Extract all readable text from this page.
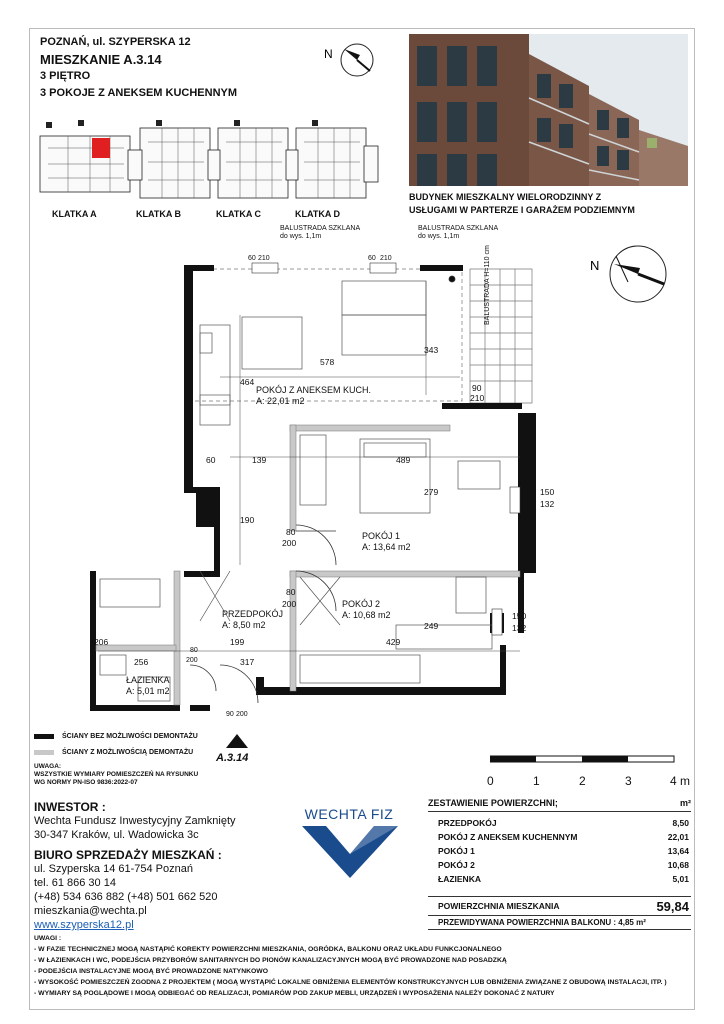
POZNAŃ, ul. SZYPERSKA 12
MIESZKANIE A.3.14
3 PIĘTRO
3 POKOJE Z ANEKSEM KUCHENNYM
N
KLATKA A	KLATKA B	KLATKA C	KLATKA D
BUDYNEK MIESZKALNY WIELORODZINNY Z
USŁUGAMI W PARTERZE I GARAŻEM PODZIEMNYM
N
BALUSTRADA SZKLANA
do wys. 1,1m
BALUSTRADA SZKLANA
do wys. 1,1m
BALUSTRADA H=110 cm
60 210	60 210
578
343
464
90
210
60	139	489
279	150
132
190
80
200
80
200
249
150
132
206	199	429
256	317
80
200
90 200
POKÓJ Z ANEKSEM KUCH.
A: 22,01 m2
POKÓJ 1
A: 13,64 m2
POKÓJ 2
A: 10,68 m2
PRZEDPOKÓJ
A: 8,50 m2
ŁAZIENKA
A: 5,01 m2
A.3.14
ŚCIANY BEZ MOŻLIWOŚCI DEMONTAŻU
ŚCIANY Z MOŻLIWOŚCIĄ DEMONTAŻU
UWAGA:
WSZYSTKIE WYMIARY POMIESZCZEŃ NA RYSUNKU
WG NORMY PN-ISO 9836:2022-07	0	1	2	3	4 m
INWESTOR :
Wechta Fundusz Inwestycyjny Zamknięty
30-347 Kraków, ul. Wadowicka 3c
BIURO SPRZEDAŻY MIESZKAŃ :
ul. Szyperska 14 61-754 Poznań
tel. 61 866 30 14
(+48) 534 636 882 (+48) 501 662 520
mieszkania@wechta.pl
www.szyperska12.pl
WECHTA FIZ
ZESTAWIENIE POWIERZCHNI;	m²
PRZEDPOKÓJ	8,50
POKÓJ Z ANEKSEM KUCHENNYM	22,01
POKÓJ 1	13,64
POKÓJ 2	10,68
ŁAZIENKA	5,01
POWIERZCHNIA MIESZKANIA	59,84
PRZEWIDYWANA POWIERZCHNIA BALKONU : 4,85 m²
UWAGI :
- W FAZIE TECHNICZNEJ MOGĄ NASTĄPIĆ KOREKTY POWIERZCHNI MIESZKANIA, OGRÓDKA, BALKONU ORAZ UKŁADU FUNKCJONALNEGO
- W ŁAZIENKACH I WC, PODEJŚCIA PRZYBORÓW SANITARNYCH DO PIONÓW KANALIZACYJNYCH MOGĄ BYĆ PROWADZONE NAD POSADZKĄ
- PODEJŚCIA INSTALACYJNE MOGĄ BYĆ PROWADZONE NATYNKOWO
- WYSOKOŚĆ POMIESZCZEŃ ZGODNA Z PROJEKTEM ( MOGĄ WYSTĄPIĆ LOKALNE OBNIŻENIA ELEMENTÓW KONSTRUKCYJNYCH LUB OBNIŻENIA ZWIĄZANE Z OBUDOWĄ INSTALACJI, ITP. )
- WYMIARY SĄ POGLĄDOWE I MOGĄ ODBIEGAĆ OD REALIZACJI, POMIARÓW POD ZAKUP MEBLI, URZĄDZEŃ I WYPOSAŻENIA NALEŻY DOKONAĆ Z NATURY
